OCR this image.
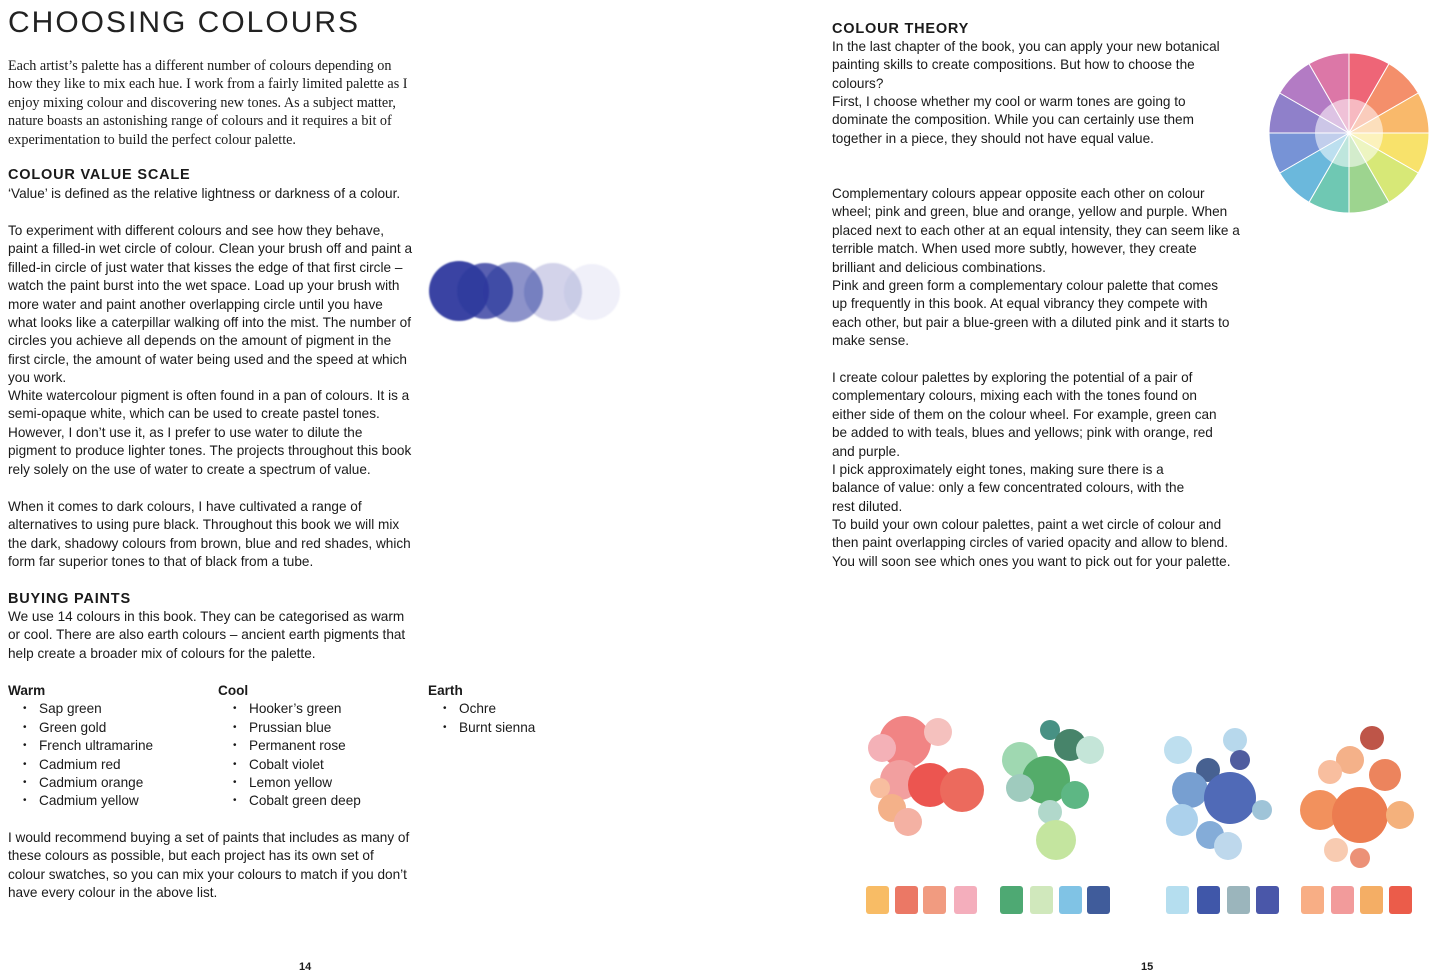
CHOOSING COLOURS

Each artist’s palette has a different number of colours depending on how they like to mix each hue. I work from a fairly limited palette as I enjoy mixing colour and discovering new tones. As a subject matter, nature boasts an astonishing range of colours and it requires a bit of experimentation to build the perfect colour palette.

COLOUR VALUE SCALE

‘Value’ is defined as the relative lightness or darkness of a colour.

To experiment with different colours and see how they behave, paint a filled-in wet circle of colour. Clean your brush off and paint a filled-in circle of just water that kisses the edge of that first circle – watch the paint burst into the wet space. Load up your brush with more water and paint another overlapping circle until you have what looks like a caterpillar walking off into the mist. The number of circles you achieve all depends on the amount of pigment in the first circle, the amount of water being used and the speed at which you work.

White watercolour pigment is often found in a pan of colours. It is a semi-opaque white, which can be used to create pastel tones. However, I don’t use it, as I prefer to use water to dilute the pigment to produce lighter tones. The projects throughout this book rely solely on the use of water to create a spectrum of value.

When it comes to dark colours, I have cultivated a range of alternatives to using pure black. Throughout this book we will mix the dark, shadowy colours from brown, blue and red shades, which form far superior tones to that of black from a tube.

BUYING PAINTS

We use 14 colours in this book. They can be categorised as warm or cool. There are also earth colours – ancient earth pigments that help create a broader mix of colours for the palette.

Warm
• Sap green
• Green gold
• French ultramarine
• Cadmium red
• Cadmium orange
• Cadmium yellow
Cool
• Hooker’s green
• Prussian blue
• Permanent rose
• Cobalt violet
• Lemon yellow
• Cobalt green deep
Earth
• Ochre
• Burnt sienna

I would recommend buying a set of paints that includes as many of these colours as possible, but each project has its own set of colour swatches, so you can mix your colours to match if you don’t have every colour in the above list.

14
COLOUR THEORY

In the last chapter of the book, you can apply your new botanical painting skills to create compositions. But how to choose the colours?

First, I choose whether my cool or warm tones are going to dominate the composition. While you can certainly use them together in a piece, they should not have equal value.

Complementary colours appear opposite each other on colour wheel; pink and green, blue and orange, yellow and purple. When placed next to each other at an equal intensity, they can seem like a terrible match. When used more subtly, however, they create brilliant and delicious combinations.

Pink and green form a complementary colour palette that comes up frequently in this book. At equal vibrancy they compete with each other, but pair a blue-green with a diluted pink and it starts to make sense.

I create colour palettes by exploring the potential of a pair of complementary colours, mixing each with the tones found on either side of them on the colour wheel. For example, green can be added to with teals, blues and yellows; pink with orange, red and purple.

I pick approximately eight tones, making sure there is a balance of value: only a few concentrated colours, with the rest diluted.

To build your own colour palettes, paint a wet circle of colour and then paint overlapping circles of varied opacity and allow to blend. You will soon see which ones you want to pick out for your palette.

15
